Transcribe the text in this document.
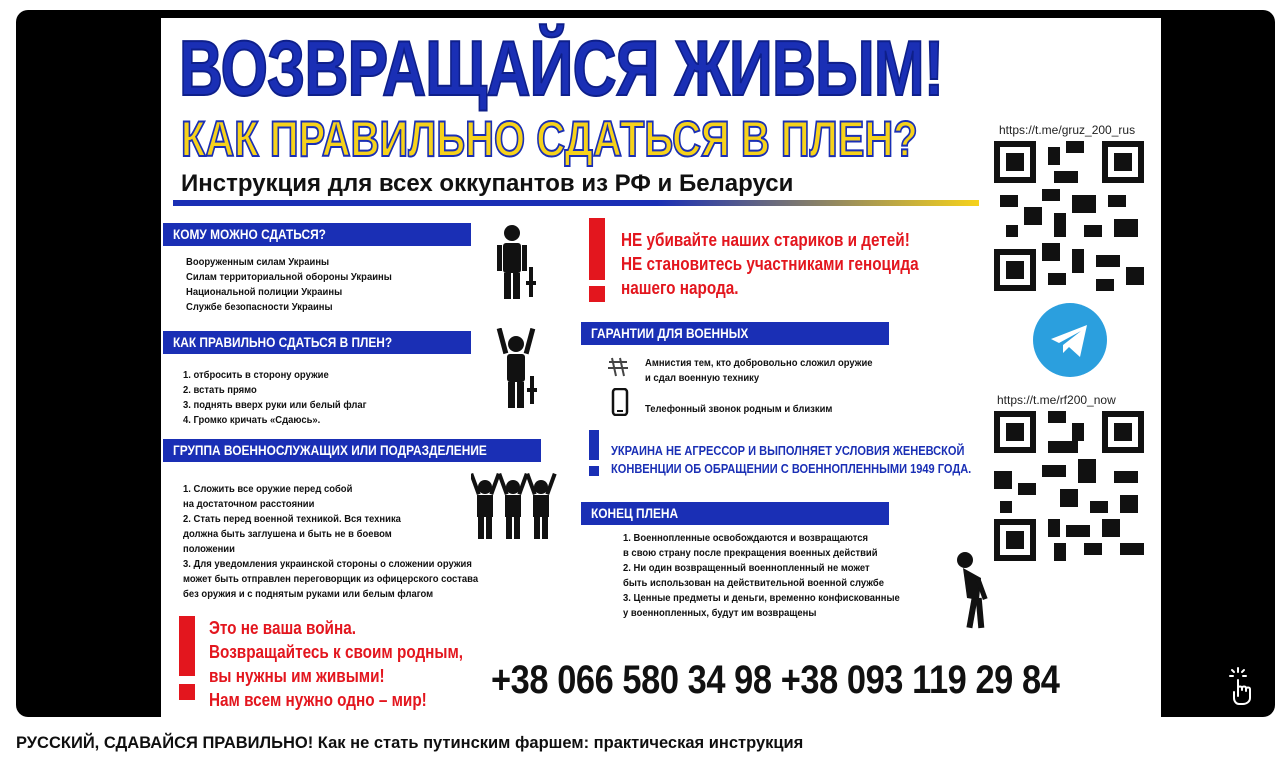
ВОЗВРАЩАЙСЯ ЖИВЫМ!
КАК ПРАВИЛЬНО СДАТЬСЯ В ПЛЕН?
Инструкция для всех оккупантов из РФ и Беларуси
КОМУ МОЖНО СДАТЬСЯ?
Вооруженным силам Украины
Силам территориальной обороны Украины
Национальной полиции Украины
Службе безопасности Украины
КАК ПРАВИЛЬНО СДАТЬСЯ В ПЛЕН?
1. отбросить в сторону оружие
2. встать прямо
3. поднять вверх руки или белый флаг
4. Громко кричать «Сдаюсь».
ГРУППА ВОЕННОСЛУЖАЩИХ ИЛИ ПОДРАЗДЕЛЕНИЕ
1. Сложить все оружие перед собой
на достаточном расстоянии
2. Стать перед военной техникой. Вся техника
должна быть заглушена и быть не в боевом
положении
3. Для уведомления украинской стороны о сложении оружия
может быть отправлен переговорщик из офицерского состава
без оружия и с поднятым руками или белым флагом
Это не ваша война.
Возвращайтесь к своим родным,
вы нужны им живыми!
Нам всем нужно одно – мир!
НЕ убивайте наших стариков и детей!
НЕ становитесь участниками геноцида
нашего народа.
ГАРАНТИИ ДЛЯ ВОЕННЫХ
Амнистия тем, кто добровольно сложил оружие
и сдал военную технику
Телефонный звонок родным и близким
УКРАИНА НЕ АГРЕССОР И ВЫПОЛНЯЕТ УСЛОВИЯ ЖЕНЕВСКОЙ
КОНВЕНЦИИ ОБ ОБРАЩЕНИИ С ВОЕННОПЛЕННЫМИ 1949 ГОДА.
КОНЕЦ ПЛЕНА
1. Военнопленные освобождаются и возвращаются
в свою страну после прекращения военных действий
2. Ни один возвращенный военнопленный не может
быть использован на действительной военной службе
3. Ценные предметы и деньги, временно конфискованные
у военнопленных, будут им возвращены
+38 066 580 34 98 +38 093 119 29 84
https://t.me/gruz_200_rus
https://t.me/rf200_now
РУССКИЙ, СДАВАЙСЯ ПРАВИЛЬНО! Как не стать путинским фаршем: практическая инструкция
